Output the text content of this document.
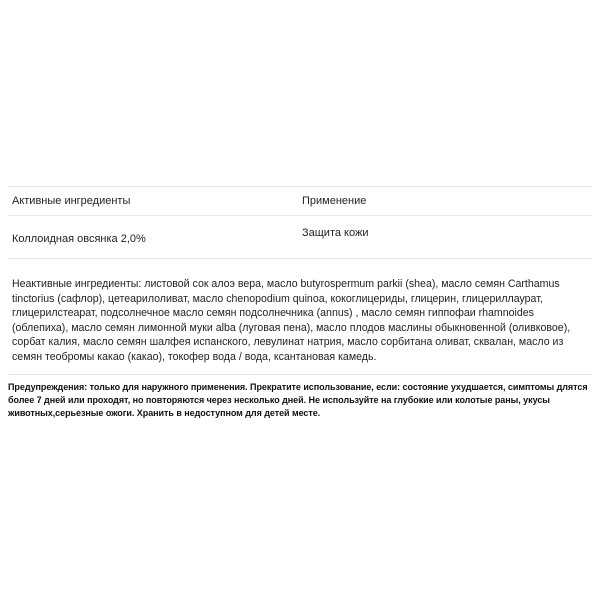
Активные ингредиенты	Применение
Коллоидная овсянка 2,0%	Защита кожи

Неактивные ингредиенты: листовой сок алоэ вера, масло butyrospermum parkii (shea), масло семян Carthamus tinctorius (сафлор), цетеарилоливат, масло chenopodium quinoa, кокоглицериды, глицерин, глицериллаурат, глицерилстеарат, подсолнечное масло семян подсолнечника (annus) , масло семян гиппофаи rhamnoides (облепиха), масло семян лимонной муки alba (луговая пена), масло плодов маслины обыкновенной (оливковое), сорбат калия, масло семян шалфея испанского, левулинат натрия, масло сорбитана оливат, сквалан, масло из семян теобромы какао (какао), токофер вода / вода, ксантановая камедь.

Предупреждения: только для наружного применения. Прекратите использование, если: состояние ухудшается, симптомы длятся более 7 дней или проходят, но повторяются через несколько дней. Не используйте на глубокие или колотые раны, укусы животных,серьезные ожоги. Хранить в недоступном для детей месте.
